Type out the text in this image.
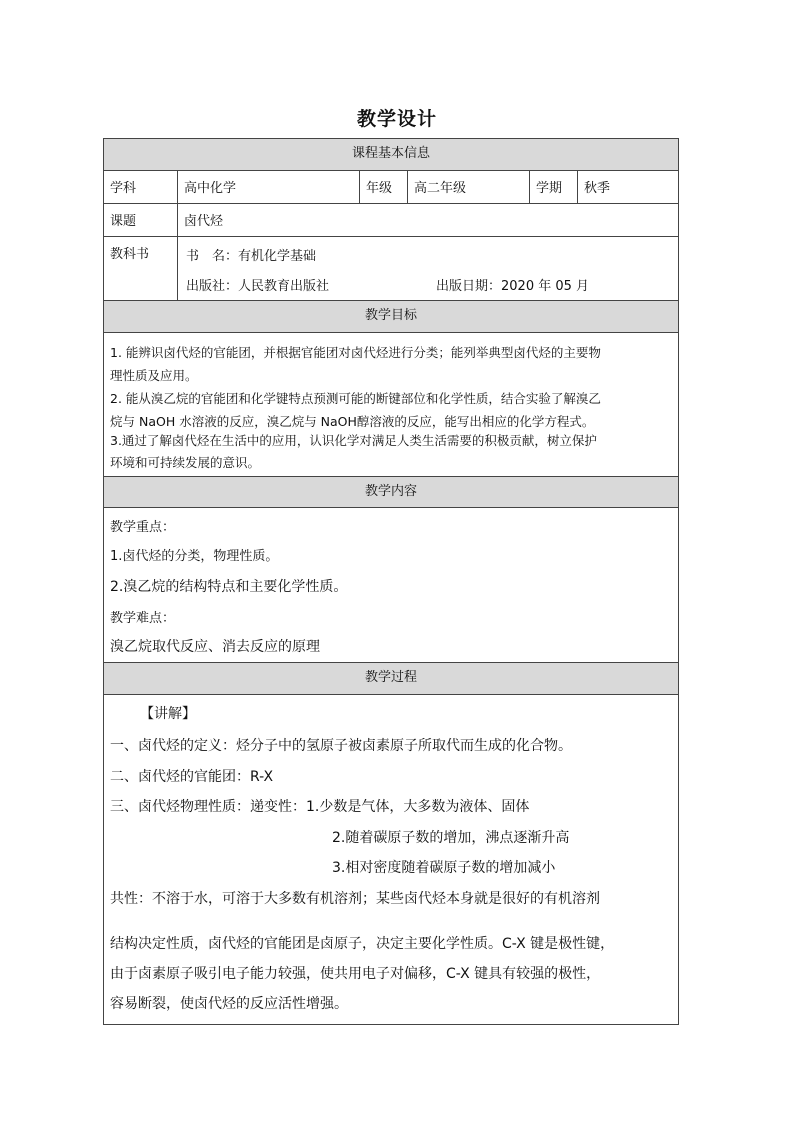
教学设计
课程基本信息
学科	高中化学	年级	高二年级	学期	秋季
课题	卤代烃
教科书	书　名：有机化学基础
出版社：人民教育出版社	出版日期：2020 年 05 月
教学目标
1. 能辨识卤代烃的官能团，并根据官能团对卤代烃进行分类；能列举典型卤代烃的主要物
理性质及应用。
2. 能从溴乙烷的官能团和化学键特点预测可能的断键部位和化学性质，结合实验了解溴乙
烷与 NaOH 水溶液的反应，溴乙烷与 NaOH醇溶液的反应，能写出相应的化学方程式。
3.通过了解卤代烃在生活中的应用，认识化学对满足人类生活需要的积极贡献，树立保护
环境和可持续发展的意识。
教学内容
教学重点：
1.卤代烃的分类，物理性质。
2.溴乙烷的结构特点和主要化学性质。
教学难点：
溴乙烷取代反应、消去反应的原理
教学过程
【讲解】
一、卤代烃的定义：烃分子中的氢原子被卤素原子所取代而生成的化合物。
二、卤代烃的官能团：R-X
三、卤代烃物理性质：递变性：1.少数是气体，大多数为液体、固体
2.随着碳原子数的增加，沸点逐渐升高
3.相对密度随着碳原子数的增加减小
共性：不溶于水，可溶于大多数有机溶剂；某些卤代烃本身就是很好的有机溶剂
结构决定性质，卤代烃的官能团是卤原子，决定主要化学性质。C-X 键是极性键，
由于卤素原子吸引电子能力较强，使共用电子对偏移，C-X 键具有较强的极性，
容易断裂，使卤代烃的反应活性增强。
